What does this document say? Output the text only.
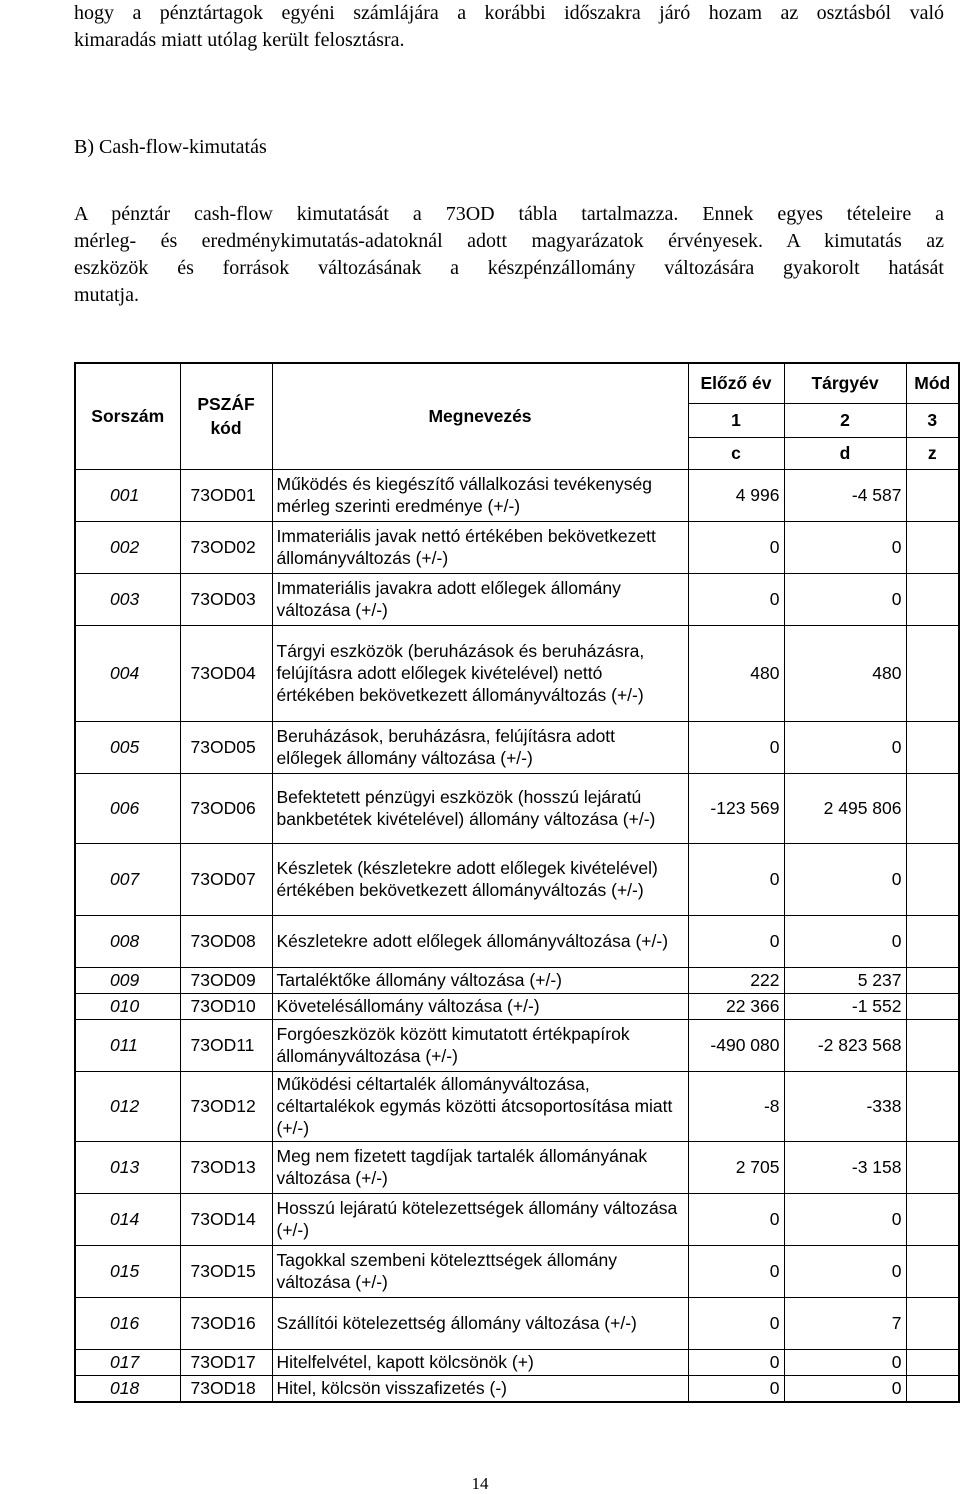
hogy a pénztártagok egyéni számlájára a korábbi időszakra járó hozam az osztásból való
kimaradás miatt utólag került felosztásra.
B) Cash-flow-kimutatás
A pénztár cash-flow kimutatását a 73OD tábla tartalmazza. Ennek egyes tételeire a
mérleg- és eredménykimutatás-adatoknál adott magyarázatok érvényesek. A kimutatás az
eszközök és források változásának a készpénzállomány változására gyakorolt hatását
mutatja.
Sorszám	PSZÁF kód	Megnevezés	Előző év	Tárgyév	Mód
			1	2	3
			c	d	z
001	73OD01	Működés és kiegészítő vállalkozási tevékenység mérleg szerinti eredménye (+/-)	4 996	-4 587	
002	73OD02	Immateriális javak nettó értékében bekövetkezett állományváltozás (+/-)	0	0	
003	73OD03	Immateriális javakra adott előlegek állomány változása (+/-)	0	0	
004	73OD04	Tárgyi eszközök (beruházások és beruházásra, felújításra adott előlegek kivételével) nettó értékében bekövetkezett állományváltozás (+/-)	480	480	
005	73OD05	Beruházások, beruházásra, felújításra adott előlegek állomány változása (+/-)	0	0	
006	73OD06	Befektetett pénzügyi eszközök (hosszú lejáratú bankbetétek kivételével) állomány változása (+/-)	-123 569	2 495 806	
007	73OD07	Készletek (készletekre adott előlegek kivételével) értékében bekövetkezett állományváltozás (+/-)	0	0	
008	73OD08	Készletekre adott előlegek állományváltozása (+/-)	0	0	
009	73OD09	Tartaléktőke állomány változása (+/-)	222	5 237	
010	73OD10	Követelésállomány változása (+/-)	22 366	-1 552	
011	73OD11	Forgóeszközök között kimutatott értékpapírok állományváltozása (+/-)	-490 080	-2 823 568	
012	73OD12	Működési céltartalék állományváltozása, céltartalékok egymás közötti átcsoportosítása miatt (+/-)	-8	-338	
013	73OD13	Meg nem fizetett tagdíjak tartalék állományának változása (+/-)	2 705	-3 158	
014	73OD14	Hosszú lejáratú kötelezettségek állomány változása (+/-)	0	0	
015	73OD15	Tagokkal szembeni kötelezttségek állomány változása (+/-)	0	0	
016	73OD16	Szállítói kötelezettség állomány változása (+/-)	0	7	
017	73OD17	Hitelfelvétel, kapott kölcsönök (+)	0	0	
018	73OD18	Hitel, kölcsön visszafizetés (-)	0	0	
14
